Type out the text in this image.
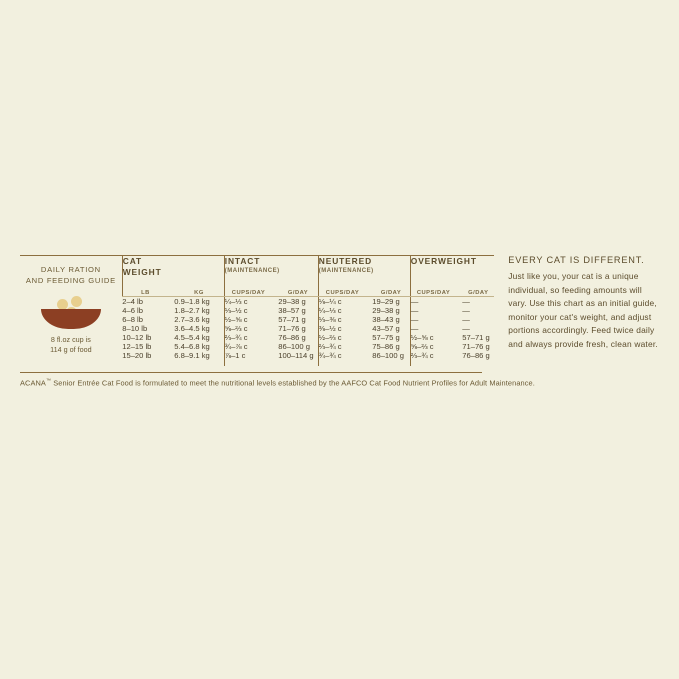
DAILY RATION
AND FEEDING GUIDE
8 fl.oz cup is
114 g of food
CAT
WEIGHT

INTACT
(MAINTENANCE)

NEUTERED
(MAINTENANCE)

OVERWEIGHT

LB	KG	CUPS/DAY	G/DAY	CUPS/DAY	G/DAY	CUPS/DAY	G/DAY
2–4 lb	0.9–1.8 kg	¼–⅓ c	29–38 g	⅛–¼ c	19–29 g	—	—
4–6 lb	1.8–2.7 kg	⅓–½ c	38–57 g	¼–⅓ c	29–38 g	—	—
6–8 lb	2.7–3.6 kg	½–⅝ c	57–71 g	⅓–⅜ c	38–43 g	—	—
8–10 lb	3.6–4.5 kg	⅝–⅔ c	71–76 g	⅜–½ c	43–57 g	—	—
10–12 lb	4.5–5.4 kg	⅔–¾ c	76–86 g	½–⅔ c	57–75 g	½–⅝ c	57–71 g
12–15 lb	5.4–6.8 kg	¾–⅞ c	86–100 g	⅔–¾ c	75–86 g	⅝–⅔ c	71–76 g
15–20 lb	6.8–9.1 kg	⅞–1 c	100–114 g	¾–¾ c	86–100 g	⅔–¾ c	76–86 g
EVERY CAT IS DIFFERENT.
Just like you, your cat is a unique individual, so feeding amounts will vary. Use this chart as an initial guide, monitor your cat's weight, and adjust portions accordingly. Feed twice daily and always provide fresh, clean water.
ACANA™ Senior Entrée Cat Food is formulated to meet the nutritional levels established by the AAFCO Cat Food Nutrient Profiles for Adult Maintenance.
